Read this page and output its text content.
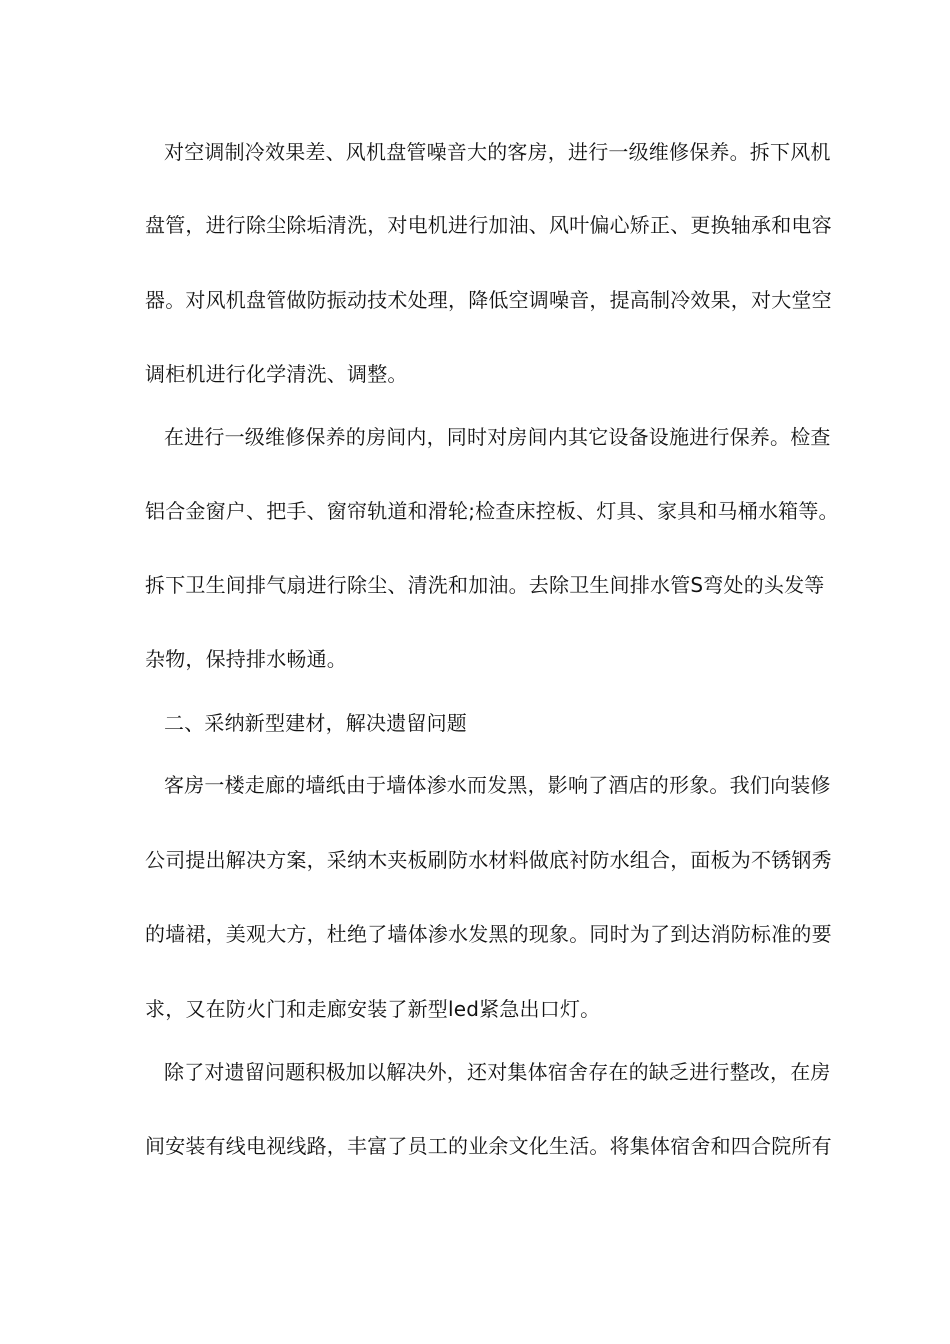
对空调制冷效果差、风机盘管噪音大的客房，进行一级维修保养。拆下风机
盘管，进行除尘除垢清洗，对电机进行加油、风叶偏心矫正、更换轴承和电容
器。对风机盘管做防振动技术处理，降低空调噪音，提高制冷效果，对大堂空
调柜机进行化学清洗、调整。
在进行一级维修保养的房间内，同时对房间内其它设备设施进行保养。检查
铝合金窗户、把手、窗帘轨道和滑轮;检查床控板、灯具、家具和马桶水箱等。
拆下卫生间排气扇进行除尘、清洗和加油。去除卫生间排水管S弯处的头发等
杂物，保持排水畅通。
二、采纳新型建材，解决遗留问题
客房一楼走廊的墙纸由于墙体渗水而发黑，影响了酒店的形象。我们向装修
公司提出解决方案，采纳木夹板刷防水材料做底衬防水组合，面板为不锈钢秀
的墙裙，美观大方，杜绝了墙体渗水发黑的现象。同时为了到达消防标准的要
求，又在防火门和走廊安装了新型led紧急出口灯。
除了对遗留问题积极加以解决外，还对集体宿舍存在的缺乏进行整改，在房
间安装有线电视线路，丰富了员工的业余文化生活。将集体宿舍和四合院所有
